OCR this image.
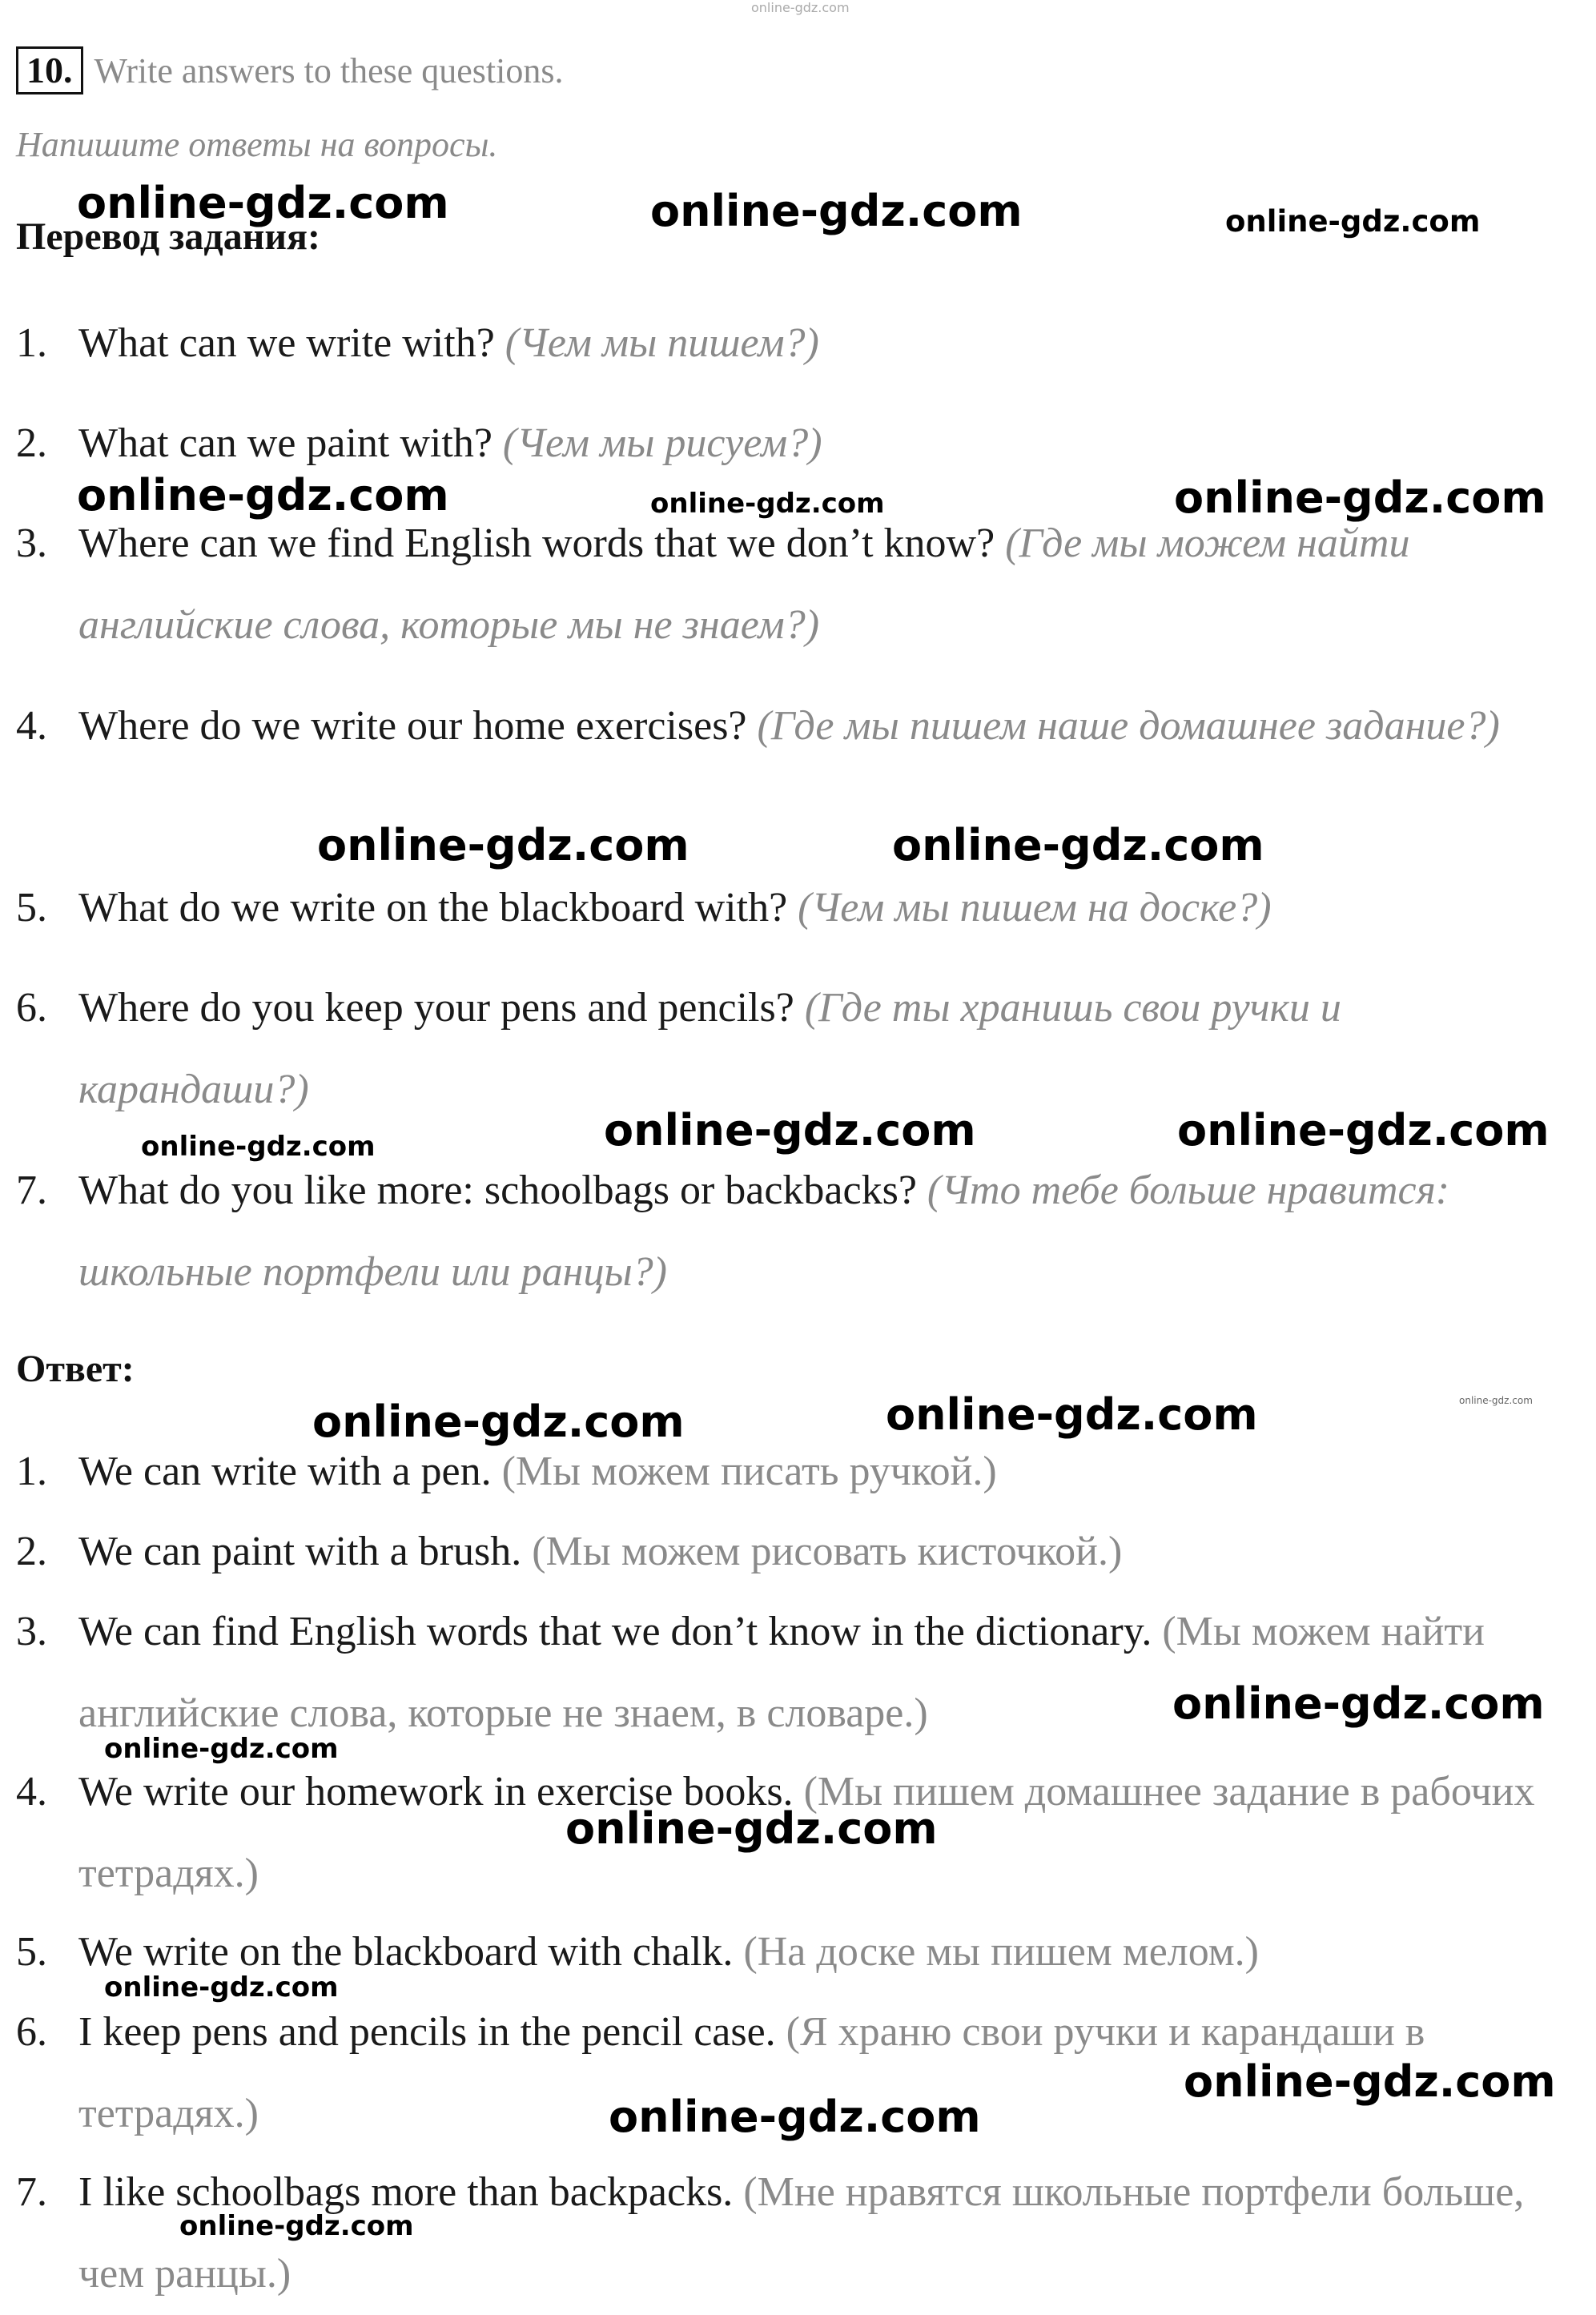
online-gdz.com
10. Write answers to these questions.
Напишите ответы на вопросы.
Перевод задания:
1. What can we write with? (Чем мы пишем?)
2. What can we paint with? (Чем мы рисуем?)
3. Where can we find English words that we don’t know? (Где мы можем найти английские слова, которые мы не знаем?)
4. Where do we write our home exercises? (Где мы пишем наше домашнее задание?)
5. What do we write on the blackboard with? (Чем мы пишем на доске?)
6. Where do you keep your pens and pencils? (Где ты хранишь свои ручки и карандаши?)
7. What do you like more: schoolbags or backbacks? (Что тебе больше нравится: школьные портфели или ранцы?)
Ответ:
1. We can write with a pen. (Мы можем писать ручкой.)
2. We can paint with a brush. (Мы можем рисовать кисточкой.)
3. We can find English words that we don’t know in the dictionary. (Мы можем найти английские слова, которые не знаем, в словаре.)
4. We write our homework in exercise books. (Мы пишем домашнее задание в рабочих тетрадях.)
5. We write on the blackboard with chalk. (На доске мы пишем мелом.)
6. I keep pens and pencils in the pencil case. (Я храню свои ручки и карандаши в тетрадях.)
7. I like schoolbags more than backpacks. (Мне нравятся школьные портфели больше, чем ранцы.)
online-gdz.com	online-gdz.com	online-gdz.com
online-gdz.com	online-gdz.com	online-gdz.com
online-gdz.com	online-gdz.com
online-gdz.com	online-gdz.com	online-gdz.com
online-gdz.com	online-gdz.com	online-gdz.com
online-gdz.com
online-gdz.com
online-gdz.com
online-gdz.com
online-gdz.com
online-gdz.com
online-gdz.com
